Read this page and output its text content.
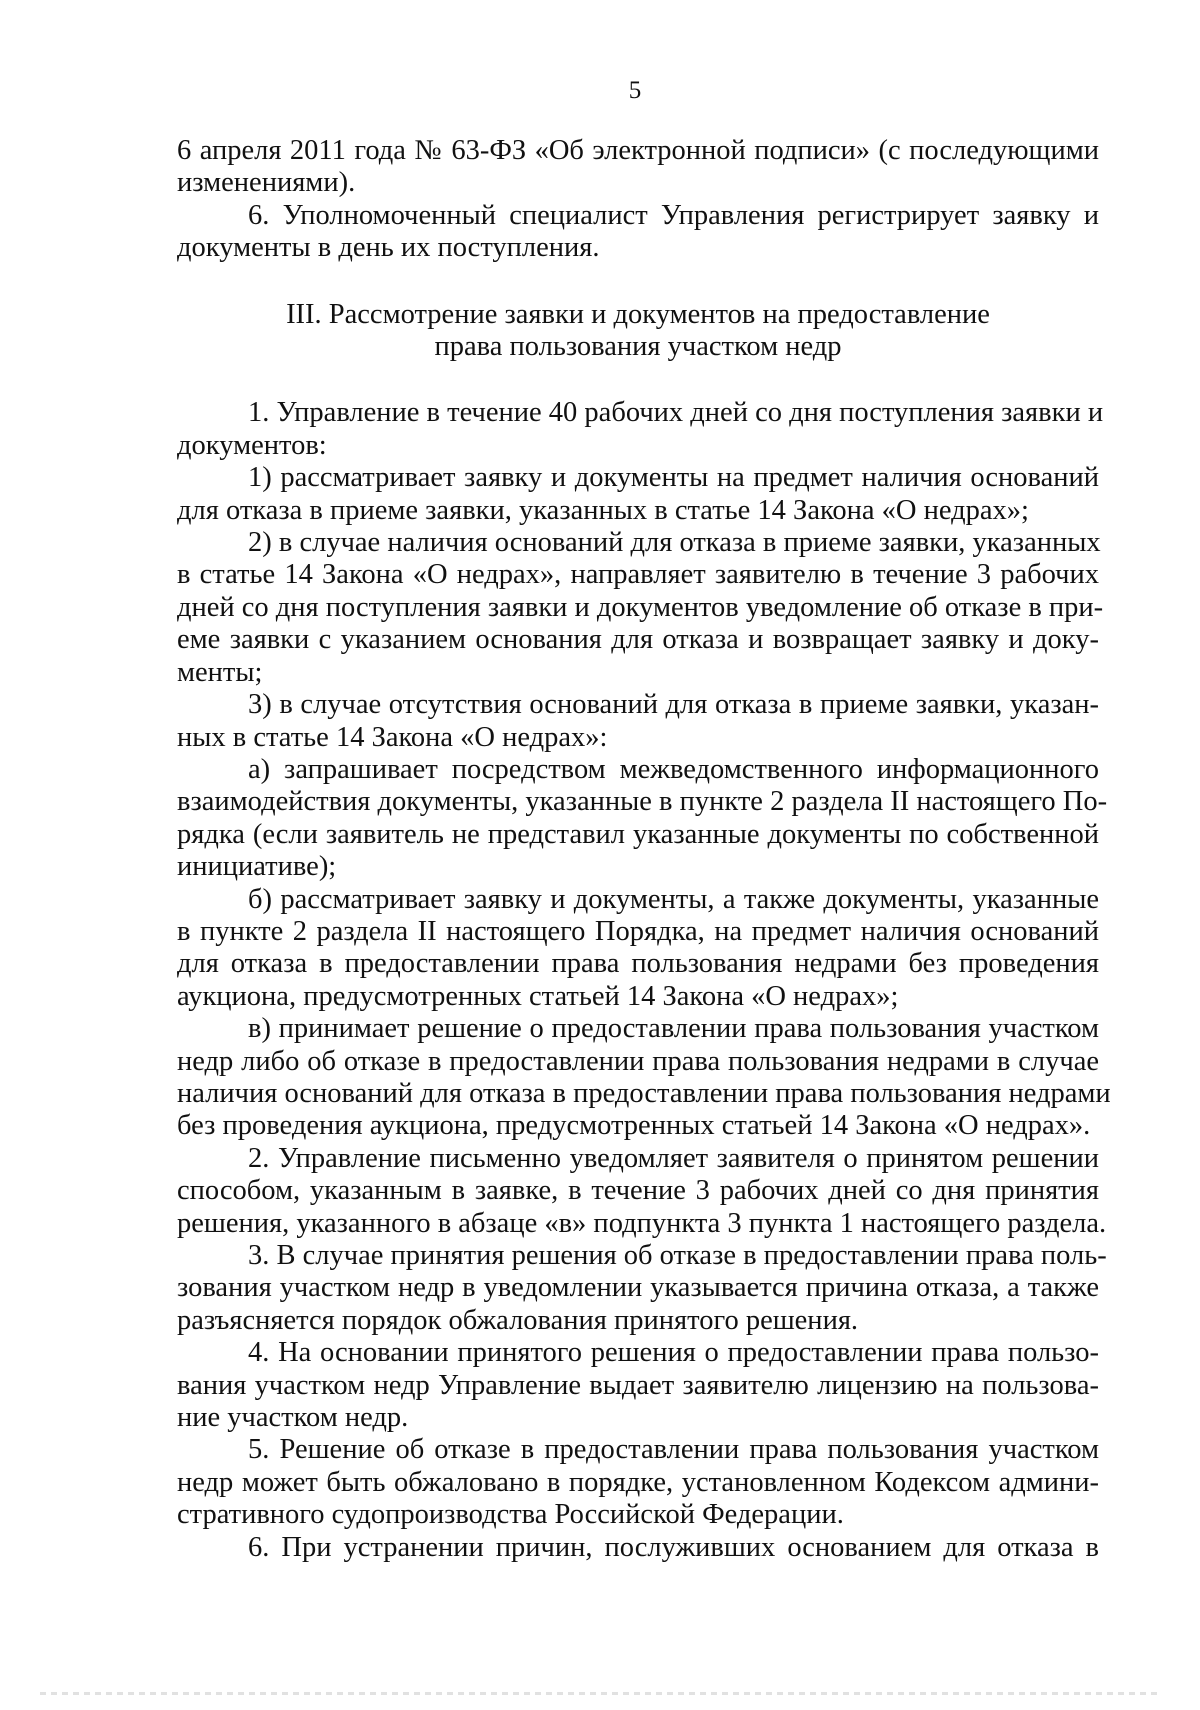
5
6 апреля 2011 года № 63-ФЗ «Об электронной подписи» (с последующими
изменениями).
6. Уполномоченный специалист Управления регистрирует заявку и
документы в день их поступления.
III. Рассмотрение заявки и документов на предоставление
права пользования участком недр
1. Управление в течение 40 рабочих дней со дня поступления заявки и
документов:
1) рассматривает заявку и документы на предмет наличия оснований
для отказа в приеме заявки, указанных в статье 14 Закона «О недрах»;
2) в случае наличия оснований для отказа в приеме заявки, указанных
в статье 14 Закона «О недрах», направляет заявителю в течение 3 рабочих
дней со дня поступления заявки и документов уведомление об отказе в при-
еме заявки с указанием основания для отказа и возвращает заявку и доку-
менты;
3) в случае отсутствия оснований для отказа в приеме заявки, указан-
ных в статье 14 Закона «О недрах»:
а) запрашивает посредством межведомственного информационного
взаимодействия документы, указанные в пункте 2 раздела II настоящего По-
рядка (если заявитель не представил указанные документы по собственной
инициативе);
б) рассматривает заявку и документы, а также документы, указанные
в пункте 2 раздела II настоящего Порядка, на предмет наличия оснований
для отказа в предоставлении права пользования недрами без проведения
аукциона, предусмотренных статьей 14 Закона «О недрах»;
в) принимает решение о предоставлении права пользования участком
недр либо об отказе в предоставлении права пользования недрами в случае
наличия оснований для отказа в предоставлении права пользования недрами
без проведения аукциона, предусмотренных статьей 14 Закона «О недрах».
2. Управление письменно уведомляет заявителя о принятом решении
способом, указанным в заявке, в течение 3 рабочих дней со дня принятия
решения, указанного в абзаце «в» подпункта 3 пункта 1 настоящего раздела.
3. В случае принятия решения об отказе в предоставлении права поль-
зования участком недр в уведомлении указывается причина отказа, а также
разъясняется порядок обжалования принятого решения.
4. На основании принятого решения о предоставлении права пользо-
вания участком недр Управление выдает заявителю лицензию на пользова-
ние участком недр.
5. Решение об отказе в предоставлении права пользования участком
недр может быть обжаловано в порядке, установленном Кодексом админи-
стративного судопроизводства Российской Федерации.
6. При устранении причин, послуживших основанием для отказа в
